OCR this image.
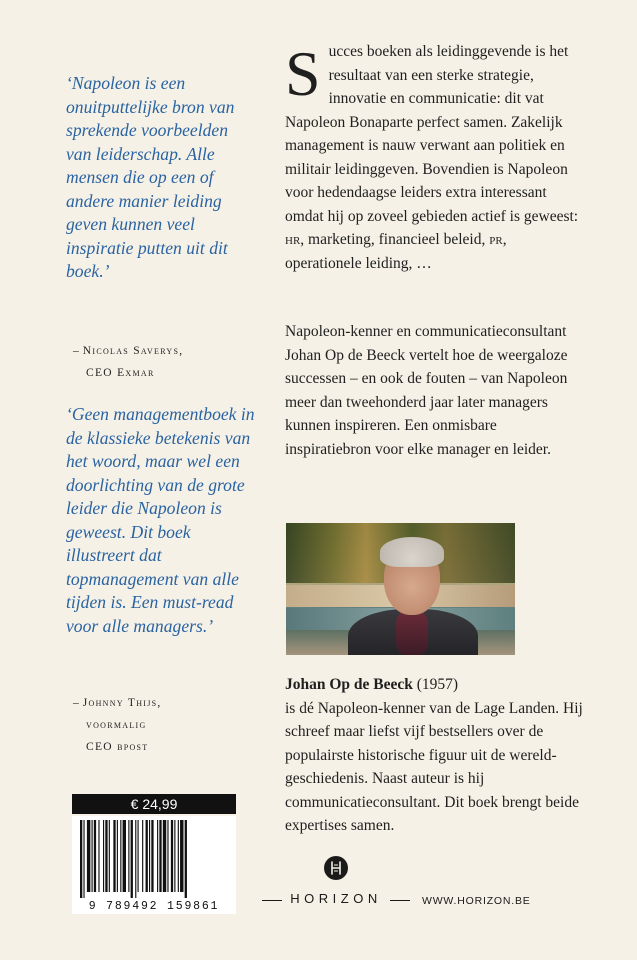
‘Napoleon is een onuitputtelijke bron van sprekende voorbeelden van leiderschap. Alle mensen die op een of andere manier leiding geven kunnen veel inspiratie putten uit dit boek.’

– Nicolas Saverys,
CEO Exmar

‘Geen managementboek in de klassieke betekenis van het woord, maar wel een doorlichting van de grote leider die Napoleon is geweest. Dit boek illustreert dat topmanagement van alle tijden is. Een must-read voor alle managers.’

– Johnny Thijs,
voormalig
CEO bpost

Succes boeken als leidinggevende is het resultaat van een sterke strategie, innovatie en communicatie: dit vat Napoleon Bonaparte perfect samen. Zakelijk management is nauw verwant aan politiek en militair leidinggeven. Bovendien is Napoleon voor hedendaagse leiders extra interessant omdat hij op zoveel gebieden actief is geweest: hr, marketing, financieel beleid, pr, operationele leiding, …

Napoleon-kenner en communicatieconsultant Johan Op de Beeck vertelt hoe de weergaloze successen – en ook de fouten – van Napoleon meer dan tweehonderd jaar later managers kunnen inspireren. Een onmisbare inspiratiebron voor elke manager en leider.

Johan Op de Beeck (1957)
is dé Napoleon-kenner van de Lage Landen. Hij schreef maar liefst vijf bestsellers over de populairste historische figuur uit de wereldgeschiedenis. Naast auteur is hij communicatieconsultant. Dit boek brengt beide expertises samen.

€ 24,99
9 789492 159861
HORIZON	WWW.HORIZON.BE
